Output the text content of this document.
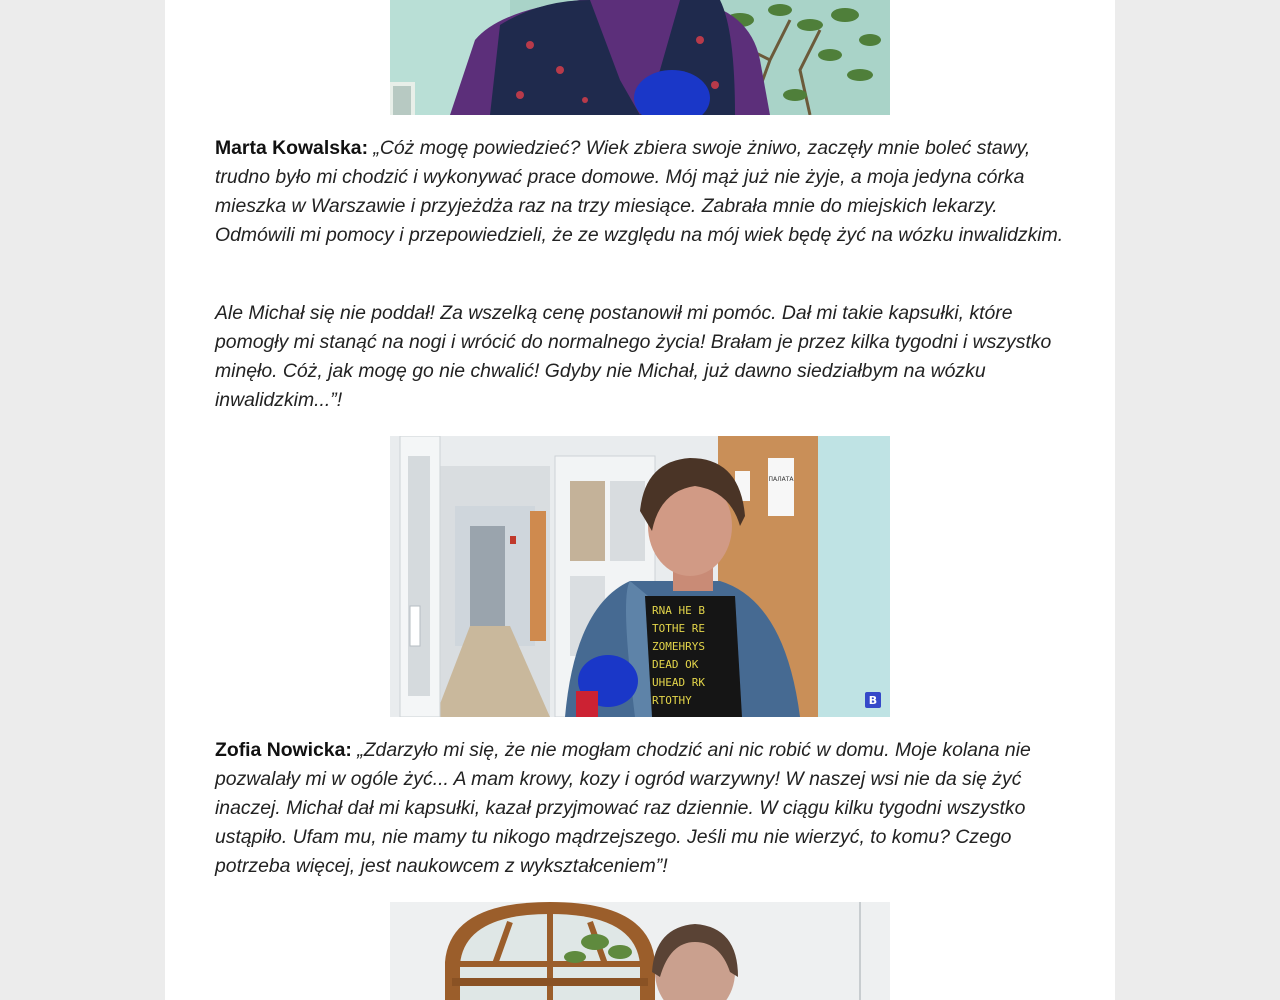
Marta Kowalska: „Cóż mogę powiedzieć? Wiek zbiera swoje żniwo, zaczęły mnie boleć stawy, trudno było mi chodzić i wykonywać prace domowe. Mój mąż już nie żyje, a moja jedyna córka mieszka w Warszawie i przyjeżdża raz na trzy miesiące. Zabrała mnie do miejskich lekarzy. Odmówili mi pomocy i przepowiedzieli, że ze względu na mój wiek będę żyć na wózku inwalidzkim.

Ale Michał się nie poddał! Za wszelką cenę postanowił mi pomóc. Dał mi takie kapsułki, które pomogły mi stanąć na nogi i wrócić do normalnego życia! Brałam je przez kilka tygodni i wszystko minęło. Cóż, jak mogę go nie chwalić! Gdyby nie Michał, już dawno siedziałbym na wózku inwalidzkim...”!

ПАЛАТА
RNA HE B
TOTHE RE
ZOMEHRYS
DEAD OK
UHEAD RK
RTOTHY	B

Zofia Nowicka: „Zdarzyło mi się, że nie mogłam chodzić ani nic robić w domu. Moje kolana nie pozwalały mi w ogóle żyć... A mam krowy, kozy i ogród warzywny! W naszej wsi nie da się żyć inaczej. Michał dał mi kapsułki, kazał przyjmować raz dziennie. W ciągu kilku tygodni wszystko ustąpiło. Ufam mu, nie mamy tu nikogo mądrzejszego. Jeśli mu nie wierzyć, to komu? Czego potrzeba więcej, jest naukowcem z wykształceniem”!
